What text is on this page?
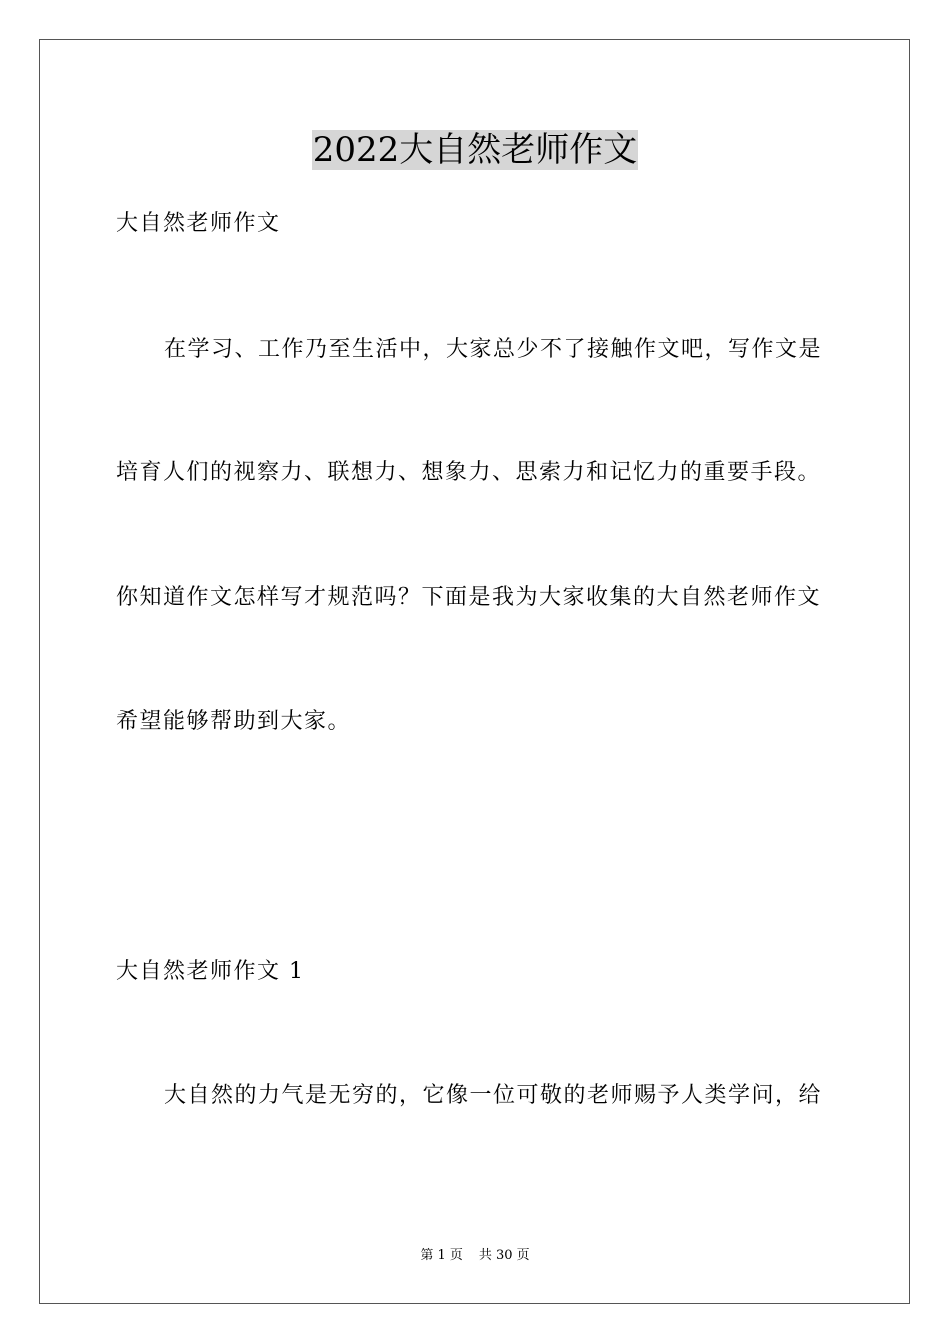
2022大自然老师作文
大自然老师作文
在学习、工作乃至生活中，大家总少不了接触作文吧，写作文是
培育人们的视察力、联想力、想象力、思索力和记忆力的重要手段。
你知道作文怎样写才规范吗？下面是我为大家收集的大自然老师作文
希望能够帮助到大家。
大自然老师作文 1
大自然的力气是无穷的，它像一位可敬的老师赐予人类学问，给
第 1 页 共 30 页
